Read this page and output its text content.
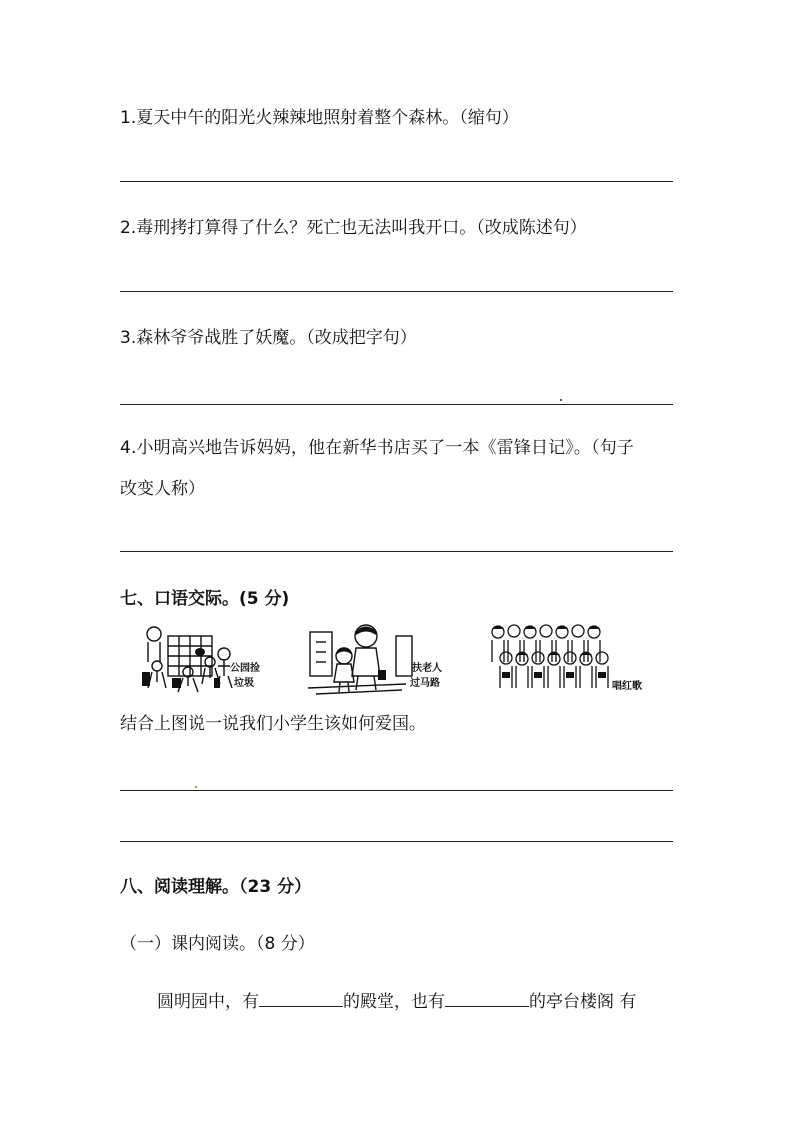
1.夏天中午的阳光火辣辣地照射着整个森林。（缩句）
2.毒刑拷打算得了什么？死亡也无法叫我开口。（改成陈述句）
3.森林爷爷战胜了妖魔。（改成把字句）
4.小明高兴地告诉妈妈，他在新华书店买了一本《雷锋日记》。（句子
改变人称）
七、口语交际。(5 分)
公园捡
垃圾
扶老人
过马路	唱红歌
结合上图说一说我们小学生该如何爱国。
八、阅读理解。（23 分）
（一）课内阅读。（8 分）
圆明园中，有	的殿堂，也有	的亭台楼阁 有
